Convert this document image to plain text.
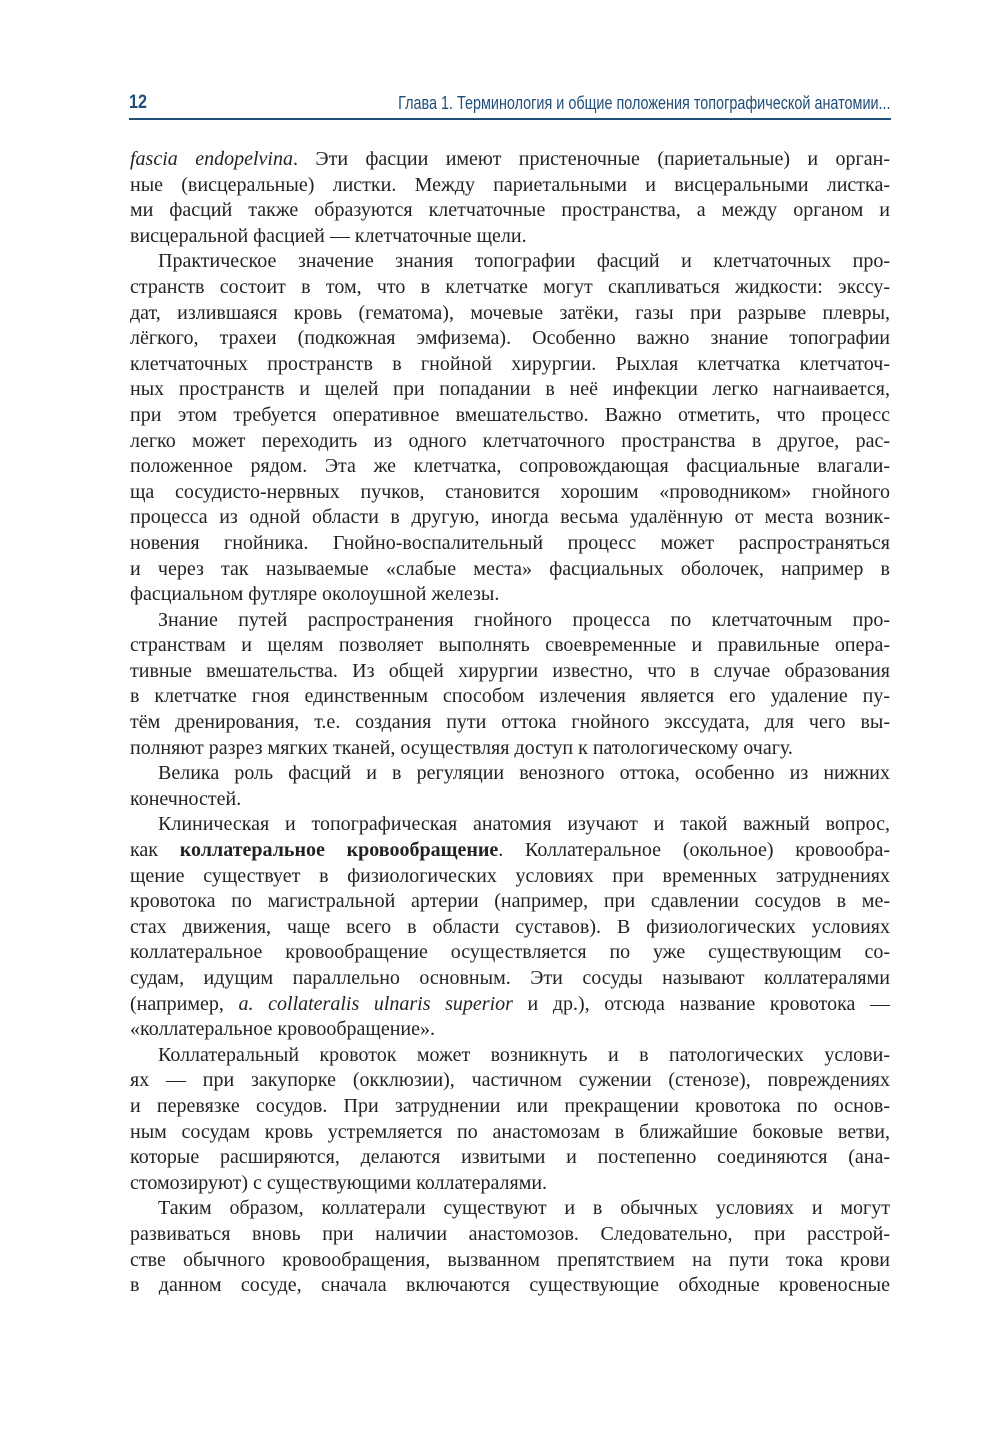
12	Глава 1. Терминология и общие положения топографической анатомии...
fascia endopelvina. Эти фасции имеют пристеночные (париетальные) и орган-
ные (висцеральные) листки. Между париетальными и висцеральными листка-
ми фасций также образуются клетчаточные пространства, а между органом и
висцеральной фасцией — клетчаточные щели.
Практическое значение знания топографии фасций и клетчаточных про-
странств состоит в том, что в клетчатке могут скапливаться жидкости: экссу-
дат, излившаяся кровь (гематома), мочевые затёки, газы при разрыве плевры,
лёгкого, трахеи (подкожная эмфизема). Особенно важно знание топографии
клетчаточных пространств в гнойной хирургии. Рыхлая клетчатка клетчаточ-
ных пространств и щелей при попадании в неё инфекции легко нагнаивается,
при этом требуется оперативное вмешательство. Важно отметить, что процесс
легко может переходить из одного клетчаточного пространства в другое, рас-
положенное рядом. Эта же клетчатка, сопровождающая фасциальные влагали-
ща сосудисто-нервных пучков, становится хорошим «проводником» гнойного
процесса из одной области в другую, иногда весьма удалённую от места возник-
новения гнойника. Гнойно-воспалительный процесс может распространяться
и через так называемые «слабые места» фасциальных оболочек, например в
фасциальном футляре околоушной железы.
Знание путей распространения гнойного процесса по клетчаточным про-
странствам и щелям позволяет выполнять своевременные и правильные опера-
тивные вмешательства. Из общей хирургии известно, что в случае образования
в клетчатке гноя единственным способом излечения является его удаление пу-
тём дренирования, т.е. создания пути оттока гнойного экссудата, для чего вы-
полняют разрез мягких тканей, осуществляя доступ к патологическому очагу.
Велика роль фасций и в регуляции венозного оттока, особенно из нижних
конечностей.
Клиническая и топографическая анатомия изучают и такой важный вопрос,
как коллатеральное кровообращение. Коллатеральное (окольное) кровообра-
щение существует в физиологических условиях при временных затруднениях
кровотока по магистральной артерии (например, при сдавлении сосудов в ме-
стах движения, чаще всего в области суставов). В физиологических условиях
коллатеральное кровообращение осуществляется по уже существующим со-
судам, идущим параллельно основным. Эти сосуды называют коллатералями
(например, a. collateralis ulnaris superior и др.), отсюда название кровотока —
«коллатеральное кровообращение».
Коллатеральный кровоток может возникнуть и в патологических услови-
ях — при закупорке (окклюзии), частичном сужении (стенозе), повреждениях
и перевязке сосудов. При затруднении или прекращении кровотока по основ-
ным сосудам кровь устремляется по анастомозам в ближайшие боковые ветви,
которые расширяются, делаются извитыми и постепенно соединяются (ана-
стомозируют) с существующими коллатералями.
Таким образом, коллатерали существуют и в обычных условиях и могут
развиваться вновь при наличии анастомозов. Следовательно, при расстрой-
стве обычного кровообращения, вызванном препятствием на пути тока крови
в данном сосуде, сначала включаются существующие обходные кровеносные
